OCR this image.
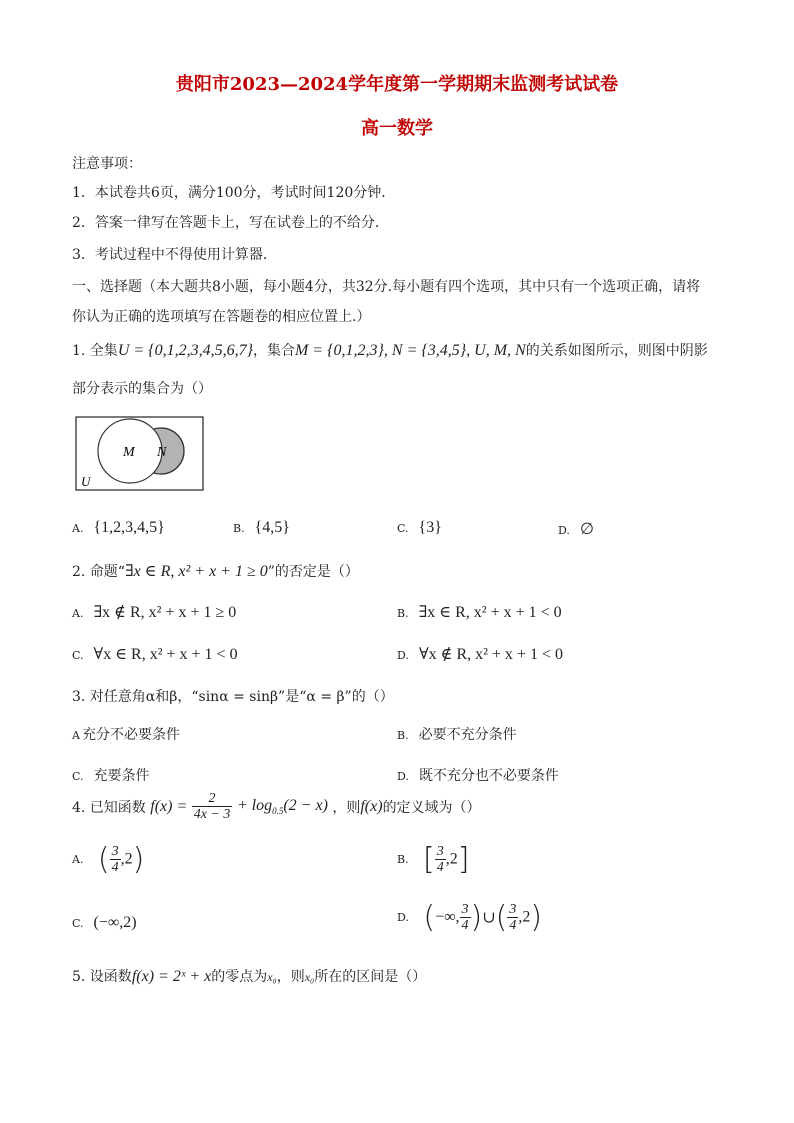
贵阳市2023—2024学年度第一学期期末监测考试试卷
高一数学
注意事项：
1．本试卷共6页，满分100分，考试时间120分钟．
2．答案一律写在答题卡上，写在试卷上的不给分．
3．考试过程中不得使用计算器．
一、选择题（本大题共8小题，每小题4分，共32分.每小题有四个选项，其中只有一个选项正确，请将
你认为正确的选项填写在答题卷的相应位置上.）
1. 全集U = {0,1,2,3,4,5,6,7}，集合M = {0,1,2,3}, N = {3,4,5}, U, M, N的关系如图所示，则图中阴影
部分表示的集合为（）
M N
U
A. {1,2,3,4,5}	B. {4,5}	C. {3}	D. ∅
2. 命题“∃x ∈ R, x² + x + 1 ≥ 0”的否定是（）
A. ∃x ∉ R, x² + x + 1 ≥ 0	B. ∃x ∈ R, x² + x + 1 < 0
C. ∀x ∈ R, x² + x + 1 < 0	D. ∀x ∉ R, x² + x + 1 < 0
3. 对任意角α和β，“sinα = sinβ”是“α = β”的（）
A 充分不必要条件	B. 必要不充分条件
C. 充要条件	D. 既不充分也不必要条件
4. 已知函数 $f(x) = \frac{2}{4x - 3} + \log_{0.5}(2 - x)$ ，则f(x)的定义域为（）
A. ( $\frac{3}{4} ,2$)	B. [ $\frac{3}{4} ,2$]
C. (−∞,2)	D. (−∞, $\frac{3}{4}$ )∪( $\frac{3}{4} ,2$)
5. 设函数f(x) = 2ˣ + x的零点为x₀，则x₀所在的区间是（）
